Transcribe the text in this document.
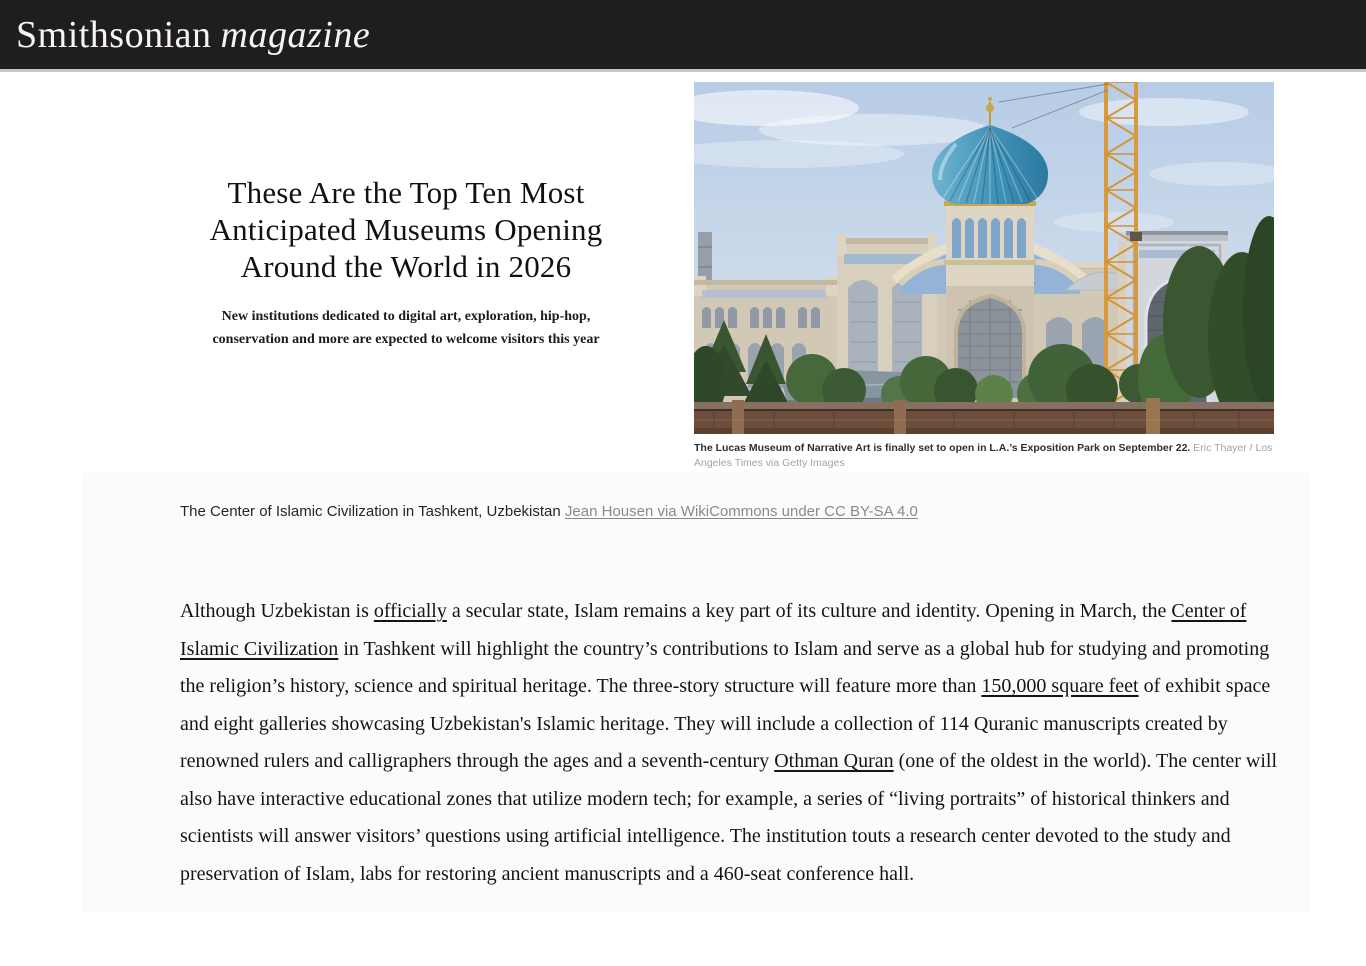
Smithsonian magazine
These Are the Top Ten Most
Anticipated Museums Opening
Around the World in 2026
New institutions dedicated to digital art, exploration, hip-hop,
conservation and more are expected to welcome visitors this year
The Lucas Museum of Narrative Art is finally set to open in L.A.’s Exposition Park on September 22. Eric Thayer / Los Angeles Times via Getty Images
The Center of Islamic Civilization in Tashkent, Uzbekistan Jean Housen via WikiCommons under CC BY-SA 4.0

Although Uzbekistan is officially a secular state, Islam remains a key part of its culture and identity. Opening in March, the Center of Islamic Civilization in Tashkent will highlight the country’s contributions to Islam and serve as a global hub for studying and promoting the religion’s history, science and spiritual heritage. The three-story structure will feature more than 150,000 square feet of exhibit space and eight galleries showcasing Uzbekistan's Islamic heritage. They will include a collection of 114 Quranic manuscripts created by renowned rulers and calligraphers through the ages and a seventh-century Othman Quran (one of the oldest in the world). The center will also have interactive educational zones that utilize modern tech; for example, a series of “living portraits” of historical thinkers and scientists will answer visitors’ questions using artificial intelligence. The institution touts a research center devoted to the study and preservation of Islam, labs for restoring ancient manuscripts and a 460-seat conference hall.
